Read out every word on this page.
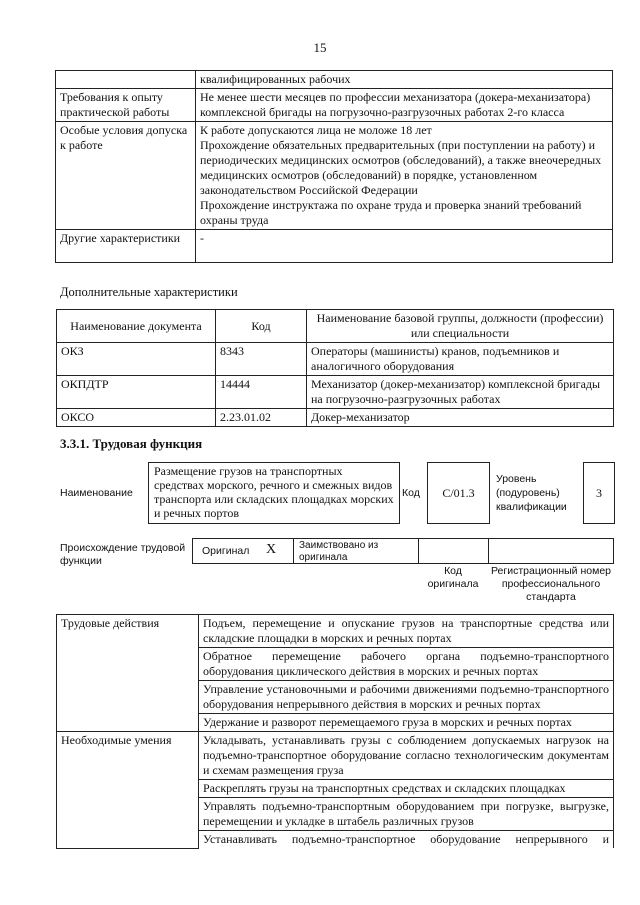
15
	квалифицированных рабочих
Требования к опыту практической работы	Не менее шести месяцев по профессии механизатора (докера-механизатора) комплексной бригады на погрузочно-разгрузочных работах 2-го класса
Особые условия допуска к работе	К работе допускаются лица не моложе 18 лет
Прохождение обязательных предварительных (при поступлении на работу) и периодических медицинских осмотров (обследований), а также внеочередных медицинских осмотров (обследований) в порядке, установленном законодательством Российской Федерации
Прохождение инструктажа по охране труда и проверка знаний требований охраны труда

Другие характеристики	-
Дополнительные характеристики
Наименование документа	Код	Наименование базовой группы, должности (профессии) или специальности
ОКЗ	8343	Операторы (машинисты) кранов, подъемников и аналогичного оборудования
ОКПДТР	14444	Механизатор (докер-механизатор) комплексной бригады на погрузочно-разгрузочных работах
ОКСО	2.23.01.02	Докер-механизатор
3.3.1. Трудовая функция
Наименование
Размещение грузов на транспортных средствах морского, речного и смежных видов транспорта или складских площадках морских и речных портов
Код	C/01.3
Уровень (подуровень) квалификации
3
Происхождение трудовой функции
Оригинал X Заимствовано из оригинала
Код оригинала
Регистрационный номер профессионального стандарта
Трудовые действия	Подъем, перемещение и опускание грузов на транспортные средства или складские площадки в морских и речных портах
	Обратное перемещение рабочего органа подъемно-транспортного оборудования циклического действия в морских и речных портах
	Управление установочными и рабочими движениями подъемно-транспортного оборудования непрерывного действия в морских и речных портах
	Удержание и разворот перемещаемого груза в морских и речных портах
Необходимые умения	Укладывать, устанавливать грузы с соблюдением допускаемых нагрузок на подъемно-транспортное оборудование согласно технологическим документам и схемам размещения груза
	Раскреплять грузы на транспортных средствах и складских площадках
	Управлять подъемно-транспортным оборудованием при погрузке, выгрузке, перемещении и укладке в штабель различных грузов
	Устанавливать подъемно-транспортное оборудование непрерывного и
